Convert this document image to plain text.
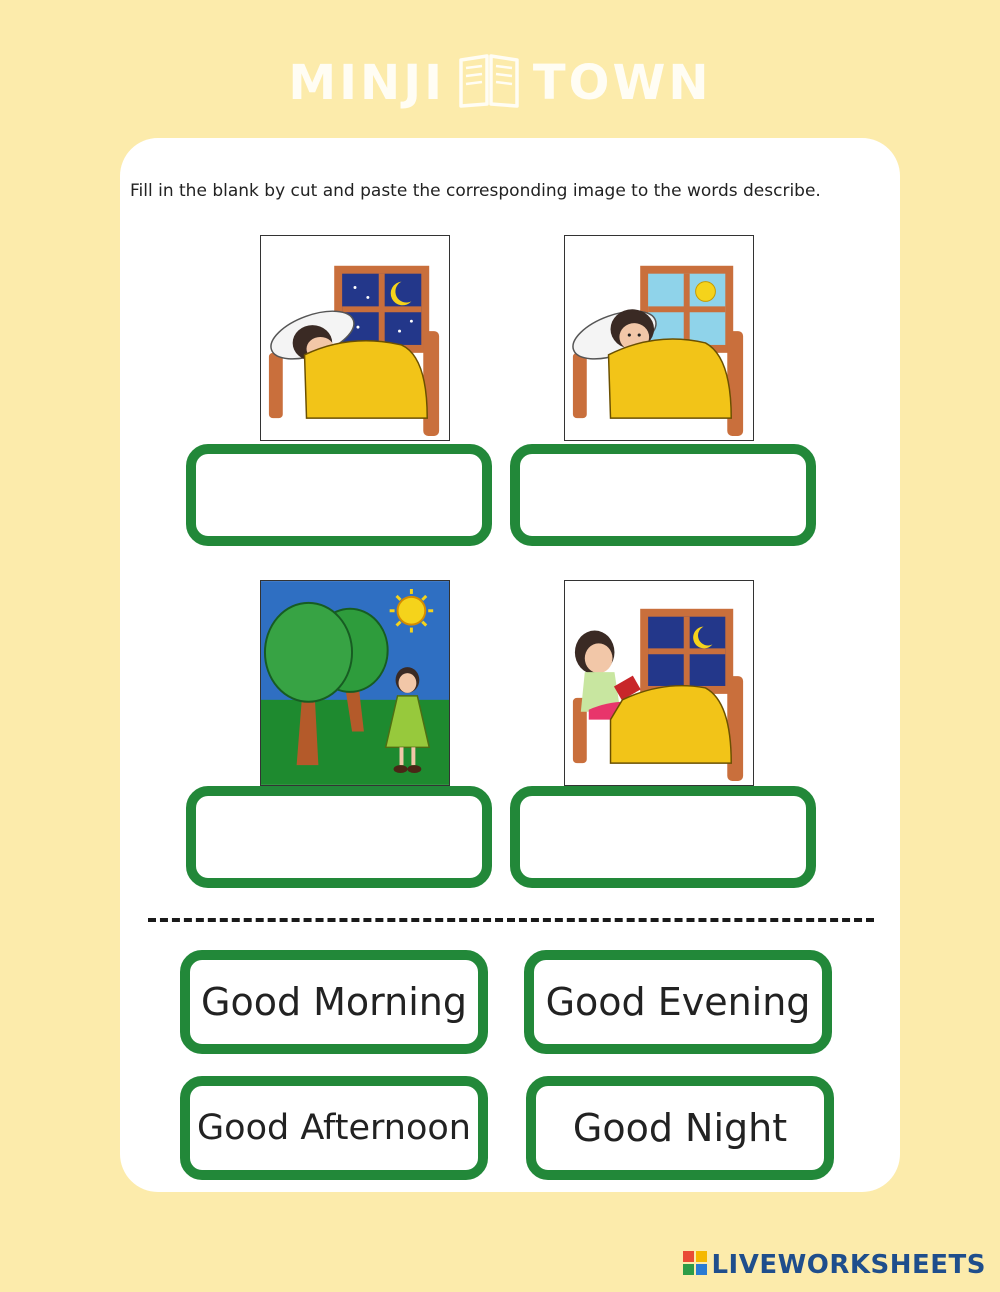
MINJI TOWN
Fill in the blank by cut and paste the corresponding image to the words describe.
Good Morning Good Evening
Good Afternoon	Good Night
LIVEWORKSHEETS
